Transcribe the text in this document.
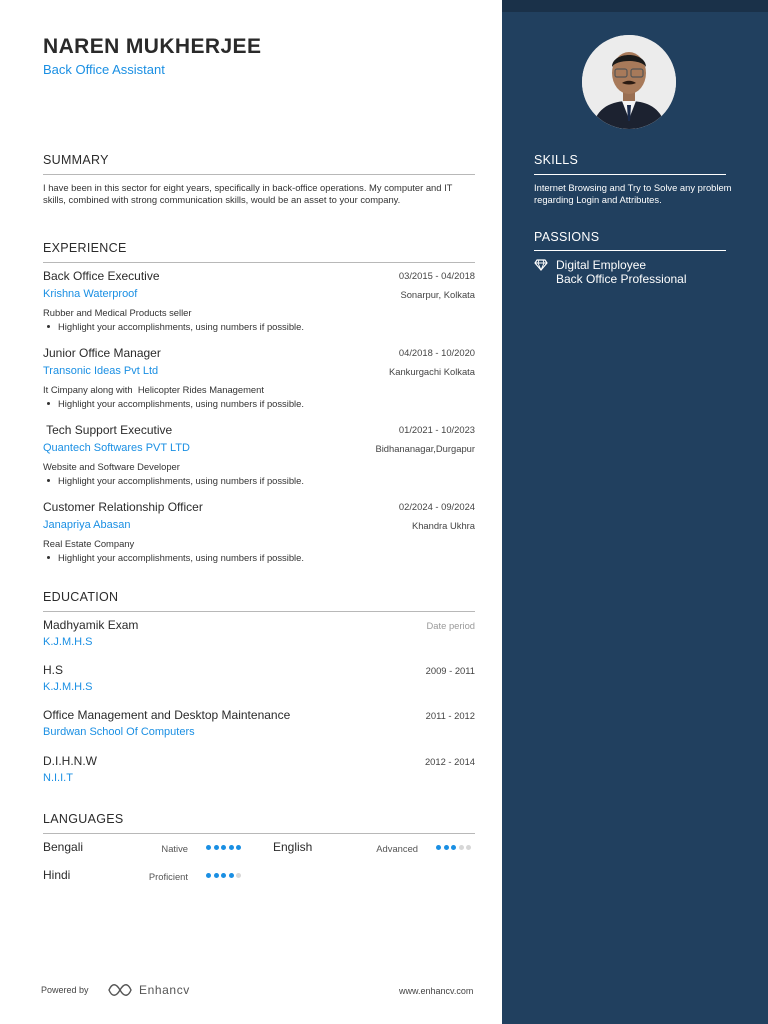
NAREN MUKHERJEE
Back Office Assistant
SUMMARY
I have been in this sector for eight years, specifically in back-office operations. My computer and IT skills, combined with strong communication skills, would be an asset to your company.
EXPERIENCE
Back Office Executive	03/2015 - 04/2018
Krishna Waterproof	Sonarpur, Kolkata
Rubber and Medical Products seller
Highlight your accomplishments, using numbers if possible.
Junior Office Manager	04/2018 - 10/2020
Transonic Ideas Pvt Ltd	Kankurgachi Kolkata
It Cimpany along with  Helicopter Rides Management
Highlight your accomplishments, using numbers if possible.
Tech Support Executive	01/2021 - 10/2023
Quantech Softwares PVT LTD	Bidhananagar,Durgapur
Website and Software Developer
Highlight your accomplishments, using numbers if possible.
Customer Relationship Officer	02/2024 - 09/2024
Janapriya Abasan	Khandra Ukhra
Real Estate Company
Highlight your accomplishments, using numbers if possible.
EDUCATION
Madhyamik Exam	Date period
K.J.M.H.S
H.S	2009 - 2011
K.J.M.H.S
Office Management and Desktop Maintenance	2011 - 2012
Burdwan School Of Computers
D.I.H.N.W	2012 - 2014
N.I.I.T
LANGUAGES
Bengali	Native	English	Advanced
Hindi	Proficient
Powered by	Enhancv	www.enhancv.com
SKILLS
Internet Browsing and Try to Solve any problem regarding Login and Attributes.
PASSIONS
Digital Employee
Back Office Professional
